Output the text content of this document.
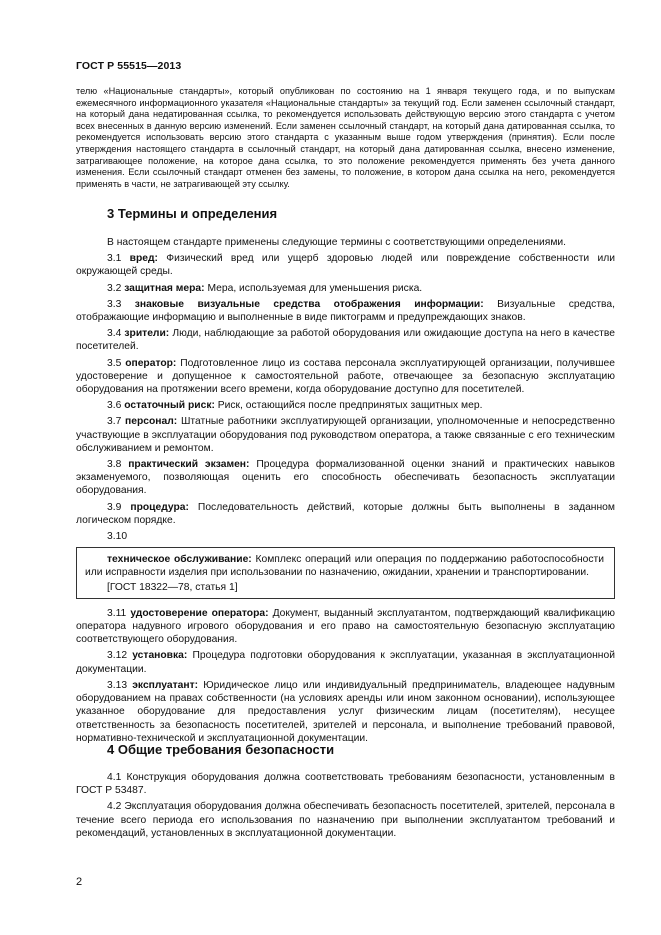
ГОСТ Р 55515—2013
телю «Национальные стандарты», который опубликован по состоянию на 1 января текущего года, и по выпускам ежемесячного информационного указателя «Национальные стандарты» за текущий год. Если заменен ссылочный стандарт, на который дана недатированная ссылка, то рекомендуется использовать действующую версию этого стандарта с учетом всех внесенных в данную версию изменений. Если заменен ссылочный стандарт, на который дана датированная ссылка, то рекомендуется использовать версию этого стандарта с указанным выше годом утверждения (принятия). Если после утверждения настоящего стандарта в ссылочный стандарт, на который дана датированная ссылка, внесено изменение, затрагивающее положение, на которое дана ссылка, то это положение рекомендуется применять без учета данного изменения. Если ссылочный стандарт отменен без замены, то положение, в котором дана ссылка на него, рекомендуется применять в части, не затрагивающей эту ссылку.
3 Термины и определения

В настоящем стандарте применены следующие термины с соответствующими определениями.

3.1 вред: Физический вред или ущерб здоровью людей или повреждение собственности или окружающей среды.

3.2 защитная мера: Мера, используемая для уменьшения риска.

3.3 знаковые визуальные средства отображения информации: Визуальные средства, отображающие информацию и выполненные в виде пиктограмм и предупреждающих знаков.

3.4 зрители: Люди, наблюдающие за работой оборудования или ожидающие доступа на него в качестве посетителей.

3.5 оператор: Подготовленное лицо из состава персонала эксплуатирующей организации, получившее удостоверение и допущенное к самостоятельной работе, отвечающее за безопасную эксплуатацию оборудования на протяжении всего времени, когда оборудование доступно для посетителей.

3.6 остаточный риск: Риск, остающийся после предпринятых защитных мер.

3.7 персонал: Штатные работники эксплуатирующей организации, уполномоченные и непосредственно участвующие в эксплуатации оборудования под руководством оператора, а также связанные с его техническим обслуживанием и ремонтом.

3.8 практический экзамен: Процедура формализованной оценки знаний и практических навыков экзаменуемого, позволяющая оценить его способность обеспечивать безопасность эксплуатации оборудования.

3.9 процедура: Последовательность действий, которые должны быть выполнены в заданном логическом порядке.

3.10

техническое обслуживание: Комплекс операций или операция по поддержанию работоспособности или исправности изделия при использовании по назначению, ожидании, хранении и транспортировании.

[ГОСТ 18322—78, статья 1]

3.11 удостоверение оператора: Документ, выданный эксплуатантом, подтверждающий квалификацию оператора надувного игрового оборудования и его право на самостоятельную безопасную эксплуатацию соответствующего оборудования.

3.12 установка: Процедура подготовки оборудования к эксплуатации, указанная в эксплуатационной документации.

3.13 эксплуатант: Юридическое лицо или индивидуальный предприниматель, владеющее надувным оборудованием на правах собственности (на условиях аренды или ином законном основании), использующее указанное оборудование для предоставления услуг физическим лицам (посетителям), несущее ответственность за безопасность посетителей, зрителей и персонала, и выполнение требований правовой, нормативно-технической и эксплуатационной документации.

4 Общие требования безопасности

4.1 Конструкция оборудования должна соответствовать требованиям безопасности, установленным в ГОСТ Р 53487.

4.2 Эксплуатация оборудования должна обеспечивать безопасность посетителей, зрителей, персонала в течение всего периода его использования по назначению при выполнении эксплуатантом требований и рекомендаций, установленных в эксплуатационной документации.

2
